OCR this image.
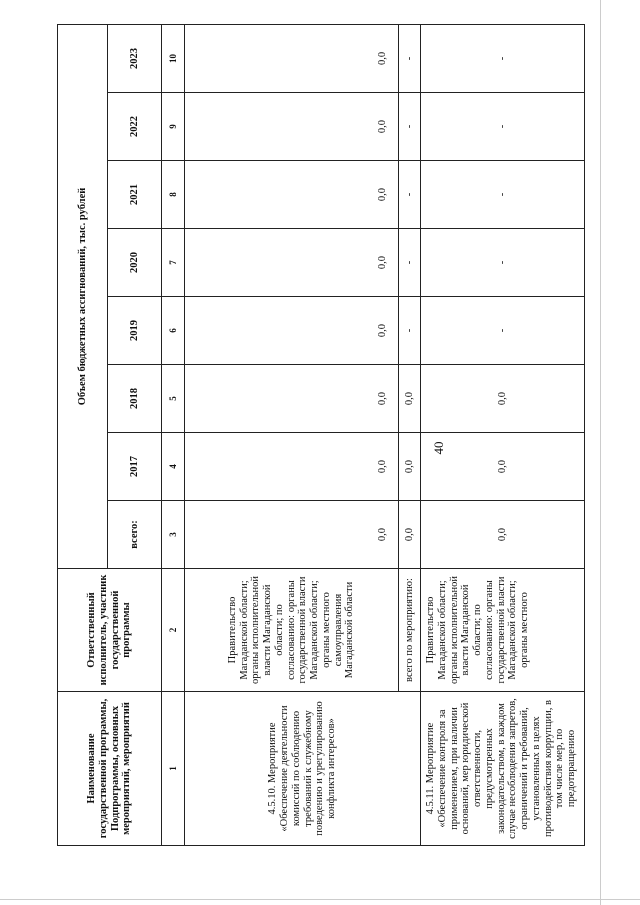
40
Наименование государственной программы, Подпрограммы, основных мероприятий, мероприятий	Ответственный исполнитель, участник государственной программы	Объем бюджетных ассигнований, тыс. рублей							
		всего:	2017	2018	2019	2020	2021	2022	2023
1	2	3	4	5	6	7	8	9	10
4.5.10. Мероприятие «Обеспечение деятельности комиссий по соблюдению требований к служебному поведению и урегулированию конфликта интересов»	Правительство Магаданской области; органы исполнительной власти Магаданской области; по согласованию: органы государственной власти Магаданской области; органы местного самоуправления Магаданской области	0,0	0,0	0,0	0,0	0,0	0,0	0,0	0,0
	всего по мероприятию:	0,0	0,0	0,0	-	-	-	-	-
4.5.11. Мероприятие «Обеспечение контроля за применением, при наличии оснований, мер юридической ответственности, предусмотренных законодательством, в каждом случае несоблюдения запретов, ограничений и требований, установленных в целях противодействия коррупции, в том числе мер, по предотвращению	Правительство Магаданской области; органы исполнительной власти Магаданской области; по согласованию: органы государственной власти Магаданской области; органы местного	0,0	0,0	0,0	-	-	-	-	-
